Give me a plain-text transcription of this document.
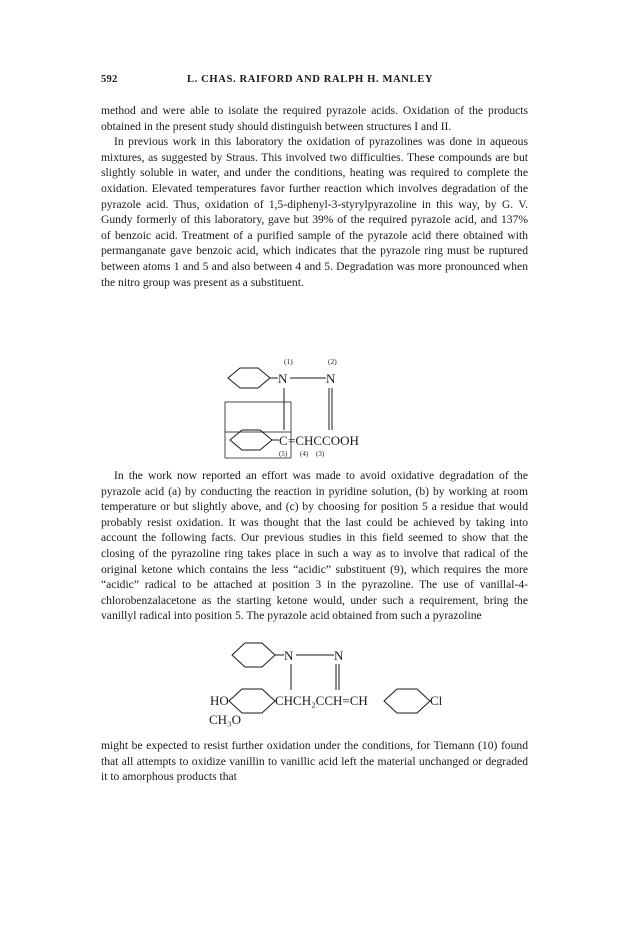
592	L. CHAS. RAIFORD AND RALPH H. MANLEY

method and were able to isolate the required pyrazole acids. Oxidation of the products obtained in the present study should distinguish between structures I and II.

In previous work in this laboratory the oxidation of pyrazolines was done in aqueous mixtures, as suggested by Straus. This involved two difficulties. These compounds are but slightly soluble in water, and under the conditions, heating was required to complete the oxidation. Elevated temperatures favor further reaction which involves degradation of the pyrazole acid. Thus, oxidation of 1,5-diphenyl-3-styrylpyrazoline in this way, by G. V. Gundy formerly of this laboratory, gave but 39% of the required pyrazole acid, and 137% of benzoic acid. Treatment of a purified sample of the pyrazole acid there obtained with permanganate gave benzoic acid, which indicates that the pyrazole ring must be ruptured between atoms 1 and 5 and also between 4 and 5. Degradation was more pronounced when the nitro group was present as a substituent.

(1)	(2)
N	N
C =CHCCOOH
(5) (4) (3)

In the work now reported an effort was made to avoid oxidative degradation of the pyrazole acid (a) by conducting the reaction in pyridine solution, (b) by working at room temperature or but slightly above, and (c) by choosing for position 5 a residue that would probably resist oxidation. It was thought that the last could be achieved by taking into account the following facts. Our previous studies in this field seemed to show that the closing of the pyrazoline ring takes place in such a way as to involve that radical of the original ketone which contains the less “acidic” substituent (9), which requires the more “acidic” radical to be attached at position 3 in the pyrazoline. The use of vanillal-4-chlorobenzalacetone as the starting ketone would, under such a requirement, bring the vanillyl radical into position 5. The pyrazole acid obtained from such a pyrazoline

N	N
HO
CH₃O
CHCH₂CCH=CH	Cl

might be expected to resist further oxidation under the conditions, for Tiemann (10) found that all attempts to oxidize vanillin to vanillic acid left the material unchanged or degraded it to amorphous products that
